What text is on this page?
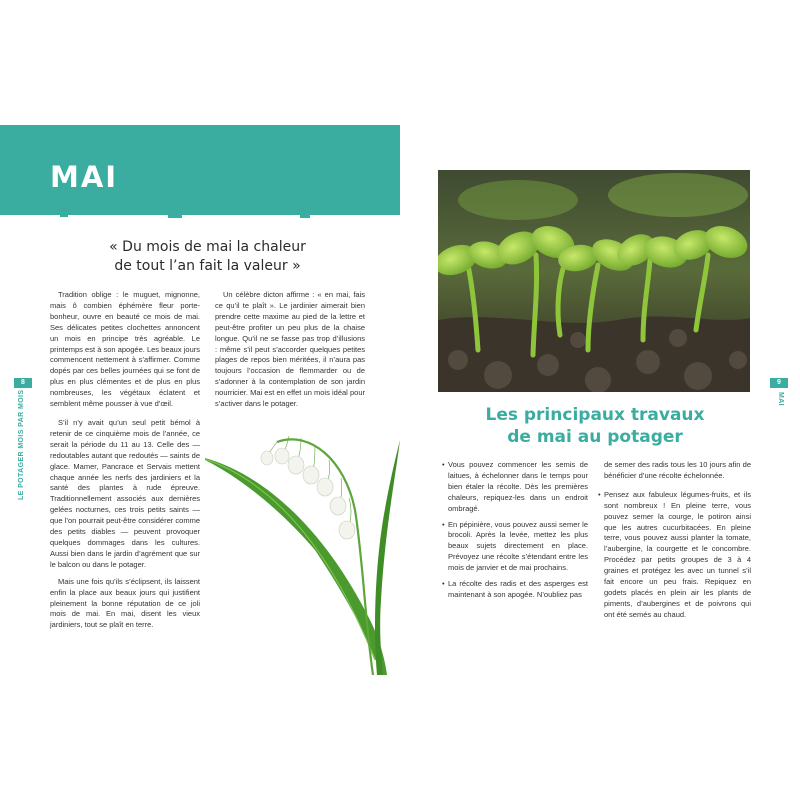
MAI
« Du mois de mai la chaleur
de tout l’an fait la valeur »

Tradition oblige : le muguet, mignonne, mais ô combien éphémère fleur porte-bonheur, ouvre en beauté ce mois de mai. Ses délicates petites clochettes annoncent un mois en principe très agréable. Le printemps est à son apogée. Les beaux jours commencent nettement à s’affirmer. Comme dopés par ces belles journées qui se font de plus en plus clémentes et de plus en plus nombreuses, les végétaux éclatent et semblent même pousser à vue d’œil.

S’il n’y avait qu’un seul petit bémol à retenir de ce cinquième mois de l’année, ce serait la période du 11 au 13. Celle des — redoutables autant que redoutés — saints de glace. Mamer, Pancrace et Servais mettent chaque année les nerfs des jardiniers et la santé des plantes à rude épreuve. Traditionnellement associés aux dernières gelées nocturnes, ces trois petits saints — que l’on pourrait peut-être considérer comme des petits diables — peuvent provoquer quelques dommages dans les cultures. Aussi bien dans le jardin d’agrément que sur le balcon ou dans le potager.

Mais une fois qu’ils s’éclipsent, ils laissent enfin la place aux beaux jours qui justifient pleinement la bonne réputation de ce joli mois de mai. En mai, disent les vieux jardiniers, tout se plaît en terre.

Un célèbre dicton affirme : « en mai, fais ce qu’il te plaît ». Le jardinier aimerait bien prendre cette maxime au pied de la lettre et peut-être profiter un peu plus de la chaise longue. Qu’il ne se fasse pas trop d’illusions : même s’il peut s’accorder quelques petites plages de repos bien méritées, il n’aura pas toujours l’occasion de flemmarder ou de s’adonner à la contemplation de son jardin nourricier. Mai est en effet un mois idéal pour s’activer dans le potager.

8
LE POTAGER MOIS PAR MOIS	Les principaux travaux
de mai au potager
• Vous pouvez commencer les semis de laitues, à échelonner dans le temps pour bien étaler la récolte. Dès les premières chaleurs, repiquez-les dans un endroit ombragé.
• En pépinière, vous pouvez aussi semer le brocoli. Après la levée, mettez les plus beaux sujets directement en place. Prévoyez une récolte s’étendant entre les mois de janvier et de mai prochains.
• La récolte des radis et des asperges est maintenant à son apogée. N’oubliez pas
de semer des radis tous les 10 jours afin de bénéficier d’une récolte échelonnée.
• Pensez aux fabuleux légumes-fruits, et ils sont nombreux ! En pleine terre, vous pouvez semer la courge, le potiron ainsi que les autres cucurbitacées. En pleine terre, vous pouvez aussi planter la tomate, l’aubergine, la courgette et le concombre. Procédez par petits groupes de 3 à 4 graines et protégez les avec un tunnel s’il fait encore un peu frais. Repiquez en godets placés en plein air les plants de piments, d’aubergines et de poivrons qui ont été semés au chaud.
9
MAI
